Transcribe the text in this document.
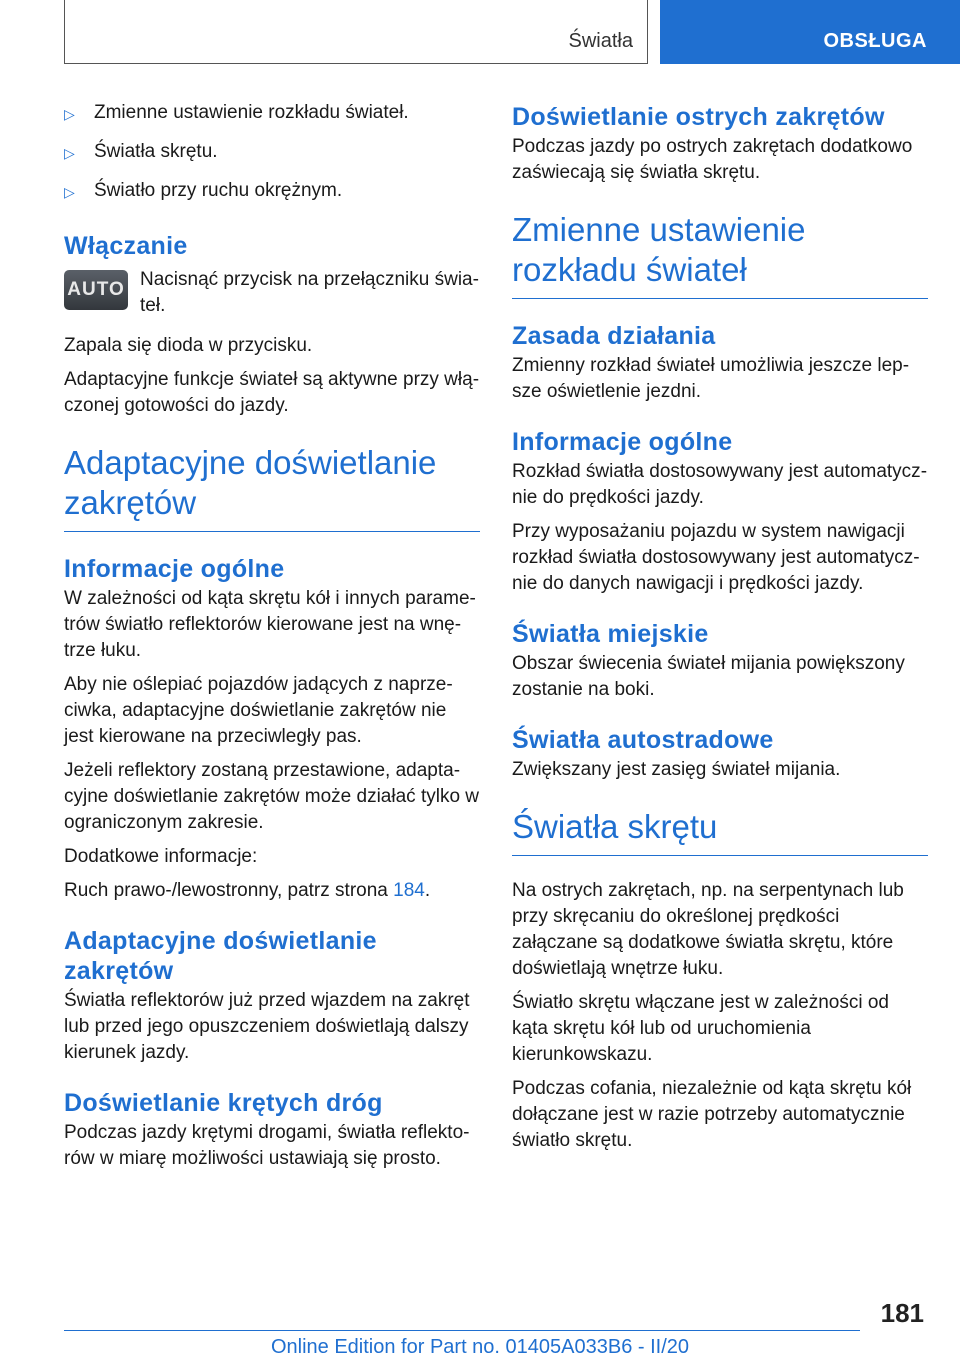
Światła	OBSŁUGA
▷	Zmienne ustawienie rozkładu świateł.
▷	Światła skrętu.
▷	Światło przy ruchu okrężnym.
Włączanie
AUTO Nacisnąć przycisk na przełączniku świateł.

Zapala się dioda w przycisku.

Adaptacyjne funkcje świateł są aktywne przy włączonej gotowości do jazdy.

Adaptacyjne doświetlanie zakrętów
Informacje ogólne

W zależności od kąta skrętu kół i innych parametrów światło reflektorów kierowane jest na wnętrze łuku.

Aby nie oślepiać pojazdów jadących z naprzeciwka, adaptacyjne doświetlanie zakrętów nie jest kierowane na przeciwległy pas.

Jeżeli reflektory zostaną przestawione, adaptacyjne doświetlanie zakrętów może działać tylko w ograniczonym zakresie.

Dodatkowe informacje:

Ruch prawo-/lewostronny, patrz strona 184.

Adaptacyjne doświetlanie zakrętów

Światła reflektorów już przed wjazdem na zakręt lub przed jego opuszczeniem doświetlają dalszy kierunek jazdy.

Doświetlanie krętych dróg

Podczas jazdy krętymi drogami, światła reflektorów w miarę możliwości ustawiają się prosto.

Doświetlanie ostrych zakrętów

Podczas jazdy po ostrych zakrętach dodatkowo zaświecają się światła skrętu.

Zmienne ustawienie rozkładu świateł
Zasada działania

Zmienny rozkład świateł umożliwia jeszcze lepsze oświetlenie jezdni.

Informacje ogólne

Rozkład światła dostosowywany jest automatycznie do prędkości jazdy.

Przy wyposażaniu pojazdu w system nawigacji rozkład światła dostosowywany jest automatycznie do danych nawigacji i prędkości jazdy.

Światła miejskie

Obszar świecenia świateł mijania powiększony zostanie na boki.

Światła autostradowe

Zwiększany jest zasięg świateł mijania.

Światła skrętu

Na ostrych zakrętach, np. na serpentynach lub przy skręcaniu do określonej prędkości załączane są dodatkowe światła skrętu, które doświetlają wnętrze łuku.

Światło skrętu włączane jest w zależności od kąta skrętu kół lub od uruchomienia kierunkowskazu.

Podczas cofania, niezależnie od kąta skrętu kół dołączane jest w razie potrzeby automatycznie światło skrętu.

181
Online Edition for Part no. 01405A033B6 - II/20
